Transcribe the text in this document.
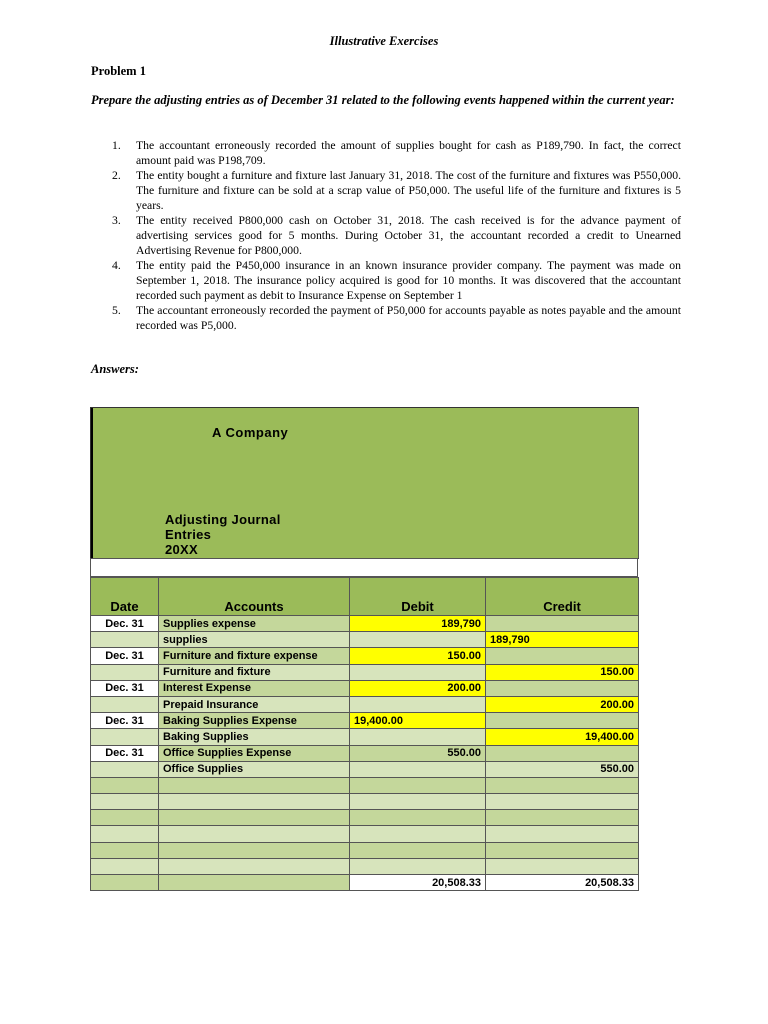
Illustrative Exercises
Problem 1
Prepare the adjusting entries as of December 31 related to the following events happened within the current year:
1. The accountant erroneously recorded the amount of supplies bought for cash as P189,790. In fact, the correct amount paid was P198,709.
2. The entity bought a furniture and fixture last January 31, 2018. The cost of the furniture and fixtures was P550,000. The furniture and fixture can be sold at a scrap value of P50,000. The useful life of the furniture and fixtures is 5 years.
3. The entity received P800,000 cash on October 31, 2018. The cash received is for the advance payment of advertising services good for 5 months. During October 31, the accountant recorded a credit to Unearned Advertising Revenue for P800,000.
4. The entity paid the P450,000 insurance in an known insurance provider company. The payment was made on September 1, 2018. The insurance policy acquired is good for 10 months. It was discovered that the accountant recorded such payment as debit to Insurance Expense on September 1
5. The accountant erroneously recorded the payment of P50,000 for accounts payable as notes payable and the amount recorded was P5,000.
Answers:
A Company
Adjusting Journal
Entries
20XX
Date	Accounts	Debit	Credit
Dec. 31	Supplies expense	189,790	
	supplies		189,790
Dec. 31	Furniture and fixture expense	150.00	
	Furniture and fixture		150.00
Dec. 31	Interest Expense	200.00	
	Prepaid Insurance		200.00
Dec. 31	Baking Supplies Expense	19,400.00	
	Baking Supplies		19,400.00
Dec. 31	Office Supplies Expense	550.00	
	Office Supplies		550.00

		20,508.33	20,508.33
